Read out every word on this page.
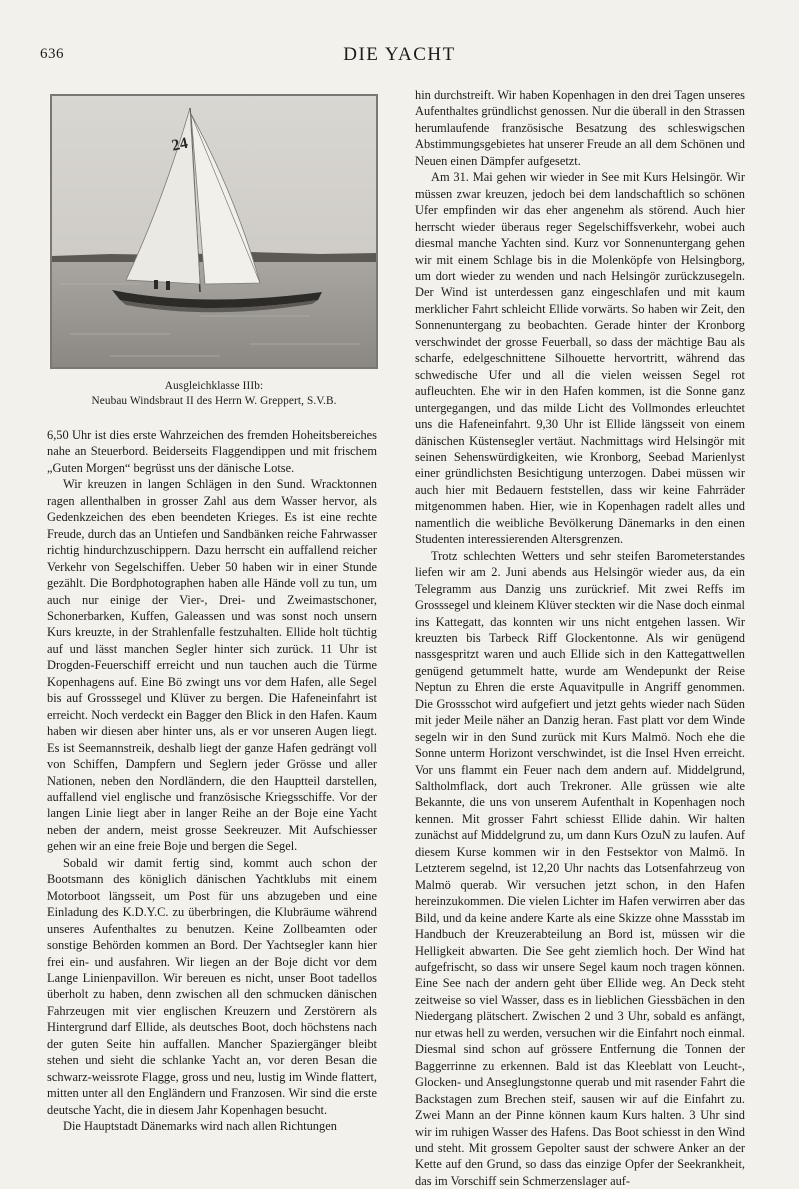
636	DIE YACHT
24
Ausgleichklasse IIIb:
Neubau Windsbraut II des Herrn W. Greppert, S.V.B.

6,50 Uhr ist dies erste Wahrzeichen des fremden Hoheitsbereiches nahe an Steuerbord. Beiderseits Flaggendippen und mit frischem „Guten Morgen“ begrüsst uns der dänische Lotse.

Wir kreuzen in langen Schlägen in den Sund. Wracktonnen ragen allenthalben in grosser Zahl aus dem Wasser hervor, als Gedenkzeichen des eben beendeten Krieges. Es ist eine rechte Freude, durch das an Untiefen und Sandbänken reiche Fahrwasser richtig hindurchzuschippern. Dazu herrscht ein auffallend reicher Verkehr von Segelschiffen. Ueber 50 haben wir in einer Stunde gezählt. Die Bordphotographen haben alle Hände voll zu tun, um auch nur einige der Vier-, Drei- und Zweimastschoner, Schonerbarken, Kuffen, Galeassen und was sonst noch unsern Kurs kreuzte, in der Strahlenfalle festzuhalten. Ellide holt tüchtig auf und lässt manchen Segler hinter sich zurück. 11 Uhr ist Drogden-Feuerschiff erreicht und nun tauchen auch die Türme Kopenhagens auf. Eine Bö zwingt uns vor dem Hafen, alle Segel bis auf Grosssegel und Klüver zu bergen. Die Hafeneinfahrt ist erreicht. Noch verdeckt ein Bagger den Blick in den Hafen. Kaum haben wir diesen aber hinter uns, als er vor unseren Augen liegt. Es ist Seemannstreik, deshalb liegt der ganze Hafen gedrängt voll von Schiffen, Dampfern und Seglern jeder Grösse und aller Nationen, neben den Nordländern, die den Hauptteil darstellen, auffallend viel englische und französische Kriegsschiffe. Vor der langen Linie liegt aber in langer Reihe an der Boje eine Yacht neben der andern, meist grosse Seekreuzer. Mit Aufschiesser gehen wir an eine freie Boje und bergen die Segel.

Sobald wir damit fertig sind, kommt auch schon der Bootsmann des königlich dänischen Yachtklubs mit einem Motorboot längsseit, um Post für uns abzugeben und eine Einladung des K.D.Y.C. zu überbringen, die Klubräume während unseres Aufenthaltes zu benutzen. Keine Zollbeamten oder sonstige Behörden kommen an Bord. Der Yachtsegler kann hier frei ein- und ausfahren. Wir liegen an der Boje dicht vor dem Lange Linienpavillon. Wir bereuen es nicht, unser Boot tadellos überholt zu haben, denn zwischen all den schmucken dänischen Fahrzeugen mit vier englischen Kreuzern und Zerstörern als Hintergrund darf Ellide, als deutsches Boot, doch höchstens nach der guten Seite hin auffallen. Mancher Spaziergänger bleibt stehen und sieht die schlanke Yacht an, vor deren Besan die schwarz-weissrote Flagge, gross und neu, lustig im Winde flattert, mitten unter all den Engländern und Franzosen. Wir sind die erste deutsche Yacht, die in diesem Jahr Kopenhagen besucht.

Die Hauptstadt Dänemarks wird nach allen Richtungen

hin durchstreift. Wir haben Kopenhagen in den drei Tagen unseres Aufenthaltes gründlichst genossen. Nur die überall in den Strassen herumlaufende französische Besatzung des schleswigschen Abstimmungsgebietes hat unserer Freude an all dem Schönen und Neuen einen Dämpfer aufgesetzt.

Am 31. Mai gehen wir wieder in See mit Kurs Helsingör. Wir müssen zwar kreuzen, jedoch bei dem landschaftlich so schönen Ufer empfinden wir das eher angenehm als störend. Auch hier herrscht wieder überaus reger Segelschiffsverkehr, wobei auch diesmal manche Yachten sind. Kurz vor Sonnenuntergang gehen wir mit einem Schlage bis in die Molenköpfe von Helsingborg, um dort wieder zu wenden und nach Helsingör zurückzusegeln. Der Wind ist unterdessen ganz eingeschlafen und mit kaum merklicher Fahrt schleicht Ellide vorwärts. So haben wir Zeit, den Sonnenuntergang zu beobachten. Gerade hinter der Kronborg verschwindet der grosse Feuerball, so dass der mächtige Bau als scharfe, edelgeschnittene Silhouette hervortritt, während das schwedische Ufer und all die vielen weissen Segel rot aufleuchten. Ehe wir in den Hafen kommen, ist die Sonne ganz untergegangen, und das milde Licht des Vollmondes erleuchtet uns die Hafeneinfahrt. 9,30 Uhr ist Ellide längsseit von einem dänischen Küstensegler vertäut. Nachmittags wird Helsingör mit seinen Sehenswürdigkeiten, wie Kronborg, Seebad Marienlyst einer gründlichsten Besichtigung unterzogen. Dabei müssen wir auch hier mit Bedauern feststellen, dass wir keine Fahrräder mitgenommen haben. Hier, wie in Kopenhagen radelt alles und namentlich die weibliche Bevölkerung Dänemarks in den einen Studenten interessierenden Altersgrenzen.

Trotz schlechten Wetters und sehr steifen Barometerstandes liefen wir am 2. Juni abends aus Helsingör wieder aus, da ein Telegramm aus Danzig uns zurückrief. Mit zwei Reffs im Grosssegel und kleinem Klüver steckten wir die Nase doch einmal ins Kattegatt, das konnten wir uns nicht entgehen lassen. Wir kreuzten bis Tarbeck Riff Glockentonne. Als wir genügend nassgespritzt waren und auch Ellide sich in den Kattegattwellen genügend getummelt hatte, wurde am Wendepunkt der Reise Neptun zu Ehren die erste Aquavitpulle in Angriff genommen. Die Grossschot wird aufgefiert und jetzt gehts wieder nach Süden mit jeder Meile näher an Danzig heran. Fast platt vor dem Winde segeln wir in den Sund zurück mit Kurs Malmö. Noch ehe die Sonne unterm Horizont verschwindet, ist die Insel Hven erreicht. Vor uns flammt ein Feuer nach dem andern auf. Middelgrund, Saltholmflack, dort auch Trekroner. Alle grüssen wie alte Bekannte, die uns von unserem Aufenthalt in Kopenhagen noch kennen. Mit grosser Fahrt schiesst Ellide dahin. Wir halten zunächst auf Middelgrund zu, um dann Kurs OzuN zu laufen. Auf diesem Kurse kommen wir in den Festsektor von Malmö. In Letzterem segelnd, ist 12,20 Uhr nachts das Lotsenfahrzeug von Malmö querab. Wir versuchen jetzt schon, in den Hafen hereinzukommen. Die vielen Lichter im Hafen verwirren aber das Bild, und da keine andere Karte als eine Skizze ohne Massstab im Handbuch der Kreuzerabteilung an Bord ist, müssen wir die Helligkeit abwarten. Die See geht ziemlich hoch. Der Wind hat aufgefrischt, so dass wir unsere Segel kaum noch tragen können. Eine See nach der andern geht über Ellide weg. An Deck steht zeitweise so viel Wasser, dass es in lieblichen Giessbächen in den Niedergang plätschert. Zwischen 2 und 3 Uhr, sobald es anfängt, nur etwas hell zu werden, versuchen wir die Einfahrt noch einmal. Diesmal sind schon auf grössere Entfernung die Tonnen der Baggerrinne zu erkennen. Bald ist das Kleeblatt von Leucht-, Glocken- und Anseglungstonne querab und mit rasender Fahrt die Backstagen zum Brechen steif, sausen wir auf die Einfahrt zu. Zwei Mann an der Pinne können kaum Kurs halten. 3 Uhr sind wir im ruhigen Wasser des Hafens. Das Boot schiesst in den Wind und steht. Mit grossem Gepolter saust der schwere Anker an der Kette auf den Grund, so dass das einzige Opfer der Seekrankheit, das im Vorschiff sein Schmerzenslager auf-
